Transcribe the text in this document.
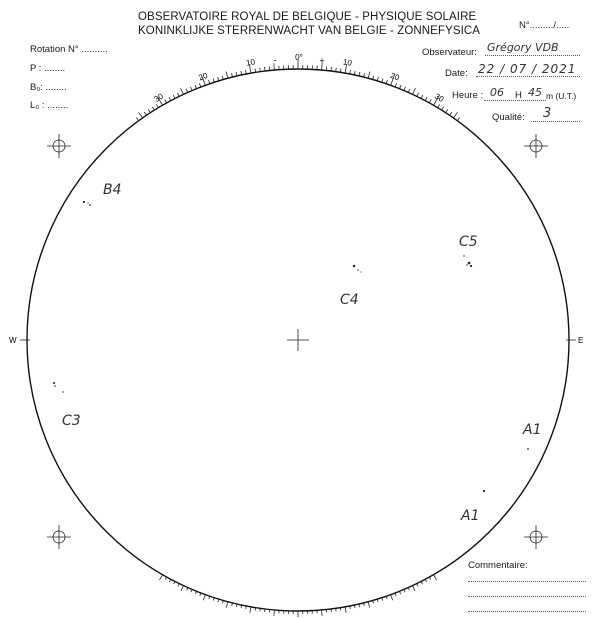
OBSERVATOIRE ROYAL DE BELGIQUE - PHYSIQUE SOLAIRE
KONINKLIJKE STERRENWACHT VAN BELGIE - ZONNEFYSICA	N°........./.....
Rotation N° ..........
P : ........
B₀: ........
L₀ : ........
Observateur: Grégory VDB
Date: 22 / 07 / 2021
Heure : 06 H 45 m (U.T.)
Qualité: 3
0°
10
20
30
10
20
30
-	+
W	E
B4
C5
C4
C3
A1
A1
Commentaire:
